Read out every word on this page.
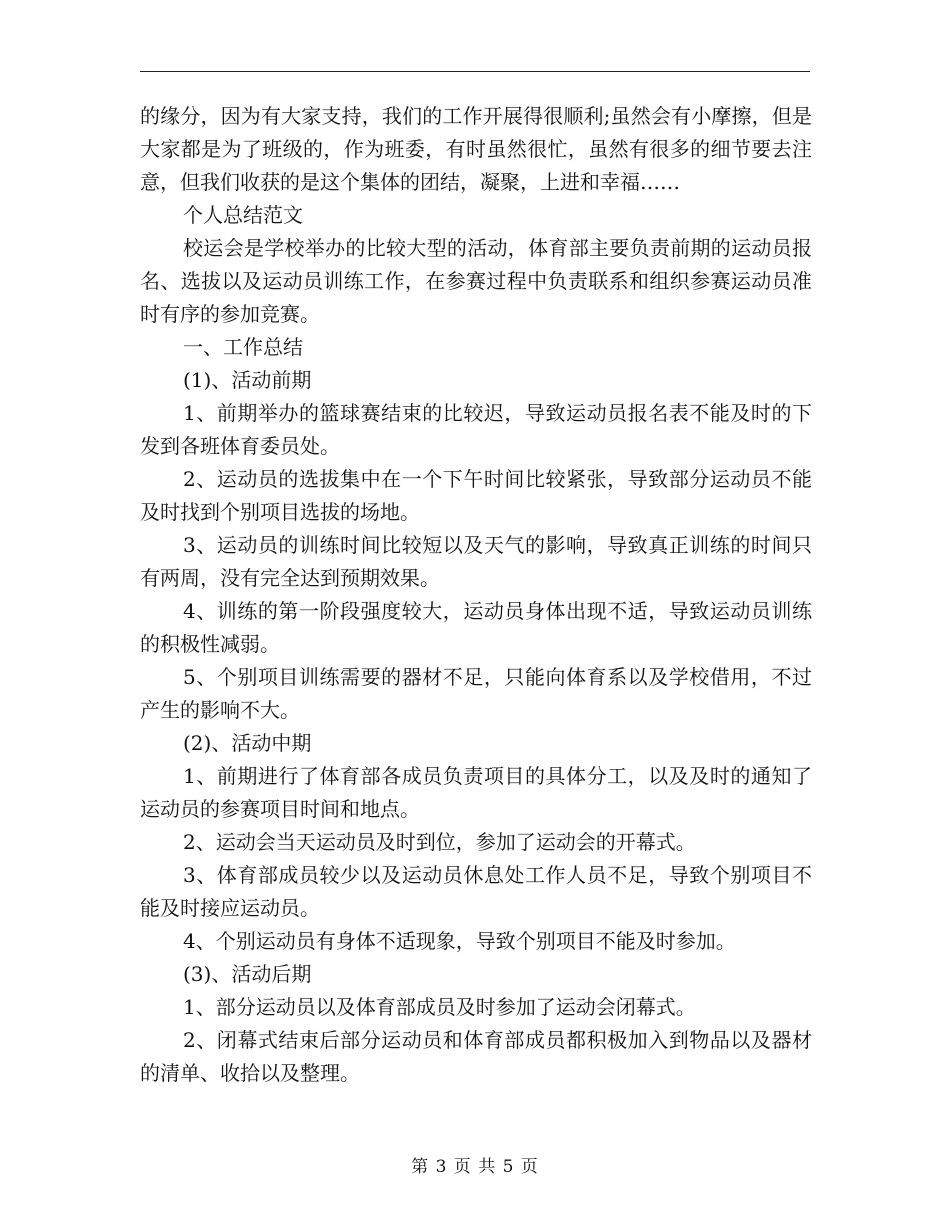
的缘分，因为有大家支持，我们的工作开展得很顺利;虽然会有小摩擦，但是大家都是为了班级的，作为班委，有时虽然很忙，虽然有很多的细节要去注意，但我们收获的是这个集体的团结，凝聚，上进和幸福……

个人总结范文

校运会是学校举办的比较大型的活动，体育部主要负责前期的运动员报名、选拔以及运动员训练工作，在参赛过程中负责联系和组织参赛运动员准时有序的参加竞赛。

一、工作总结

(1)、活动前期

1、前期举办的篮球赛结束的比较迟，导致运动员报名表不能及时的下发到各班体育委员处。

2、运动员的选拔集中在一个下午时间比较紧张，导致部分运动员不能及时找到个别项目选拔的场地。

3、运动员的训练时间比较短以及天气的影响，导致真正训练的时间只有两周，没有完全达到预期效果。

4、训练的第一阶段强度较大，运动员身体出现不适，导致运动员训练的积极性减弱。

5、个别项目训练需要的器材不足，只能向体育系以及学校借用，不过产生的影响不大。

(2)、活动中期

1、前期进行了体育部各成员负责项目的具体分工，以及及时的通知了运动员的参赛项目时间和地点。

2、运动会当天运动员及时到位，参加了运动会的开幕式。

3、体育部成员较少以及运动员休息处工作人员不足，导致个别项目不能及时接应运动员。

4、个别运动员有身体不适现象，导致个别项目不能及时参加。

(3)、活动后期

1、部分运动员以及体育部成员及时参加了运动会闭幕式。

2、闭幕式结束后部分运动员和体育部成员都积极加入到物品以及器材的清单、收拾以及整理。

第 3 页 共 5 页
